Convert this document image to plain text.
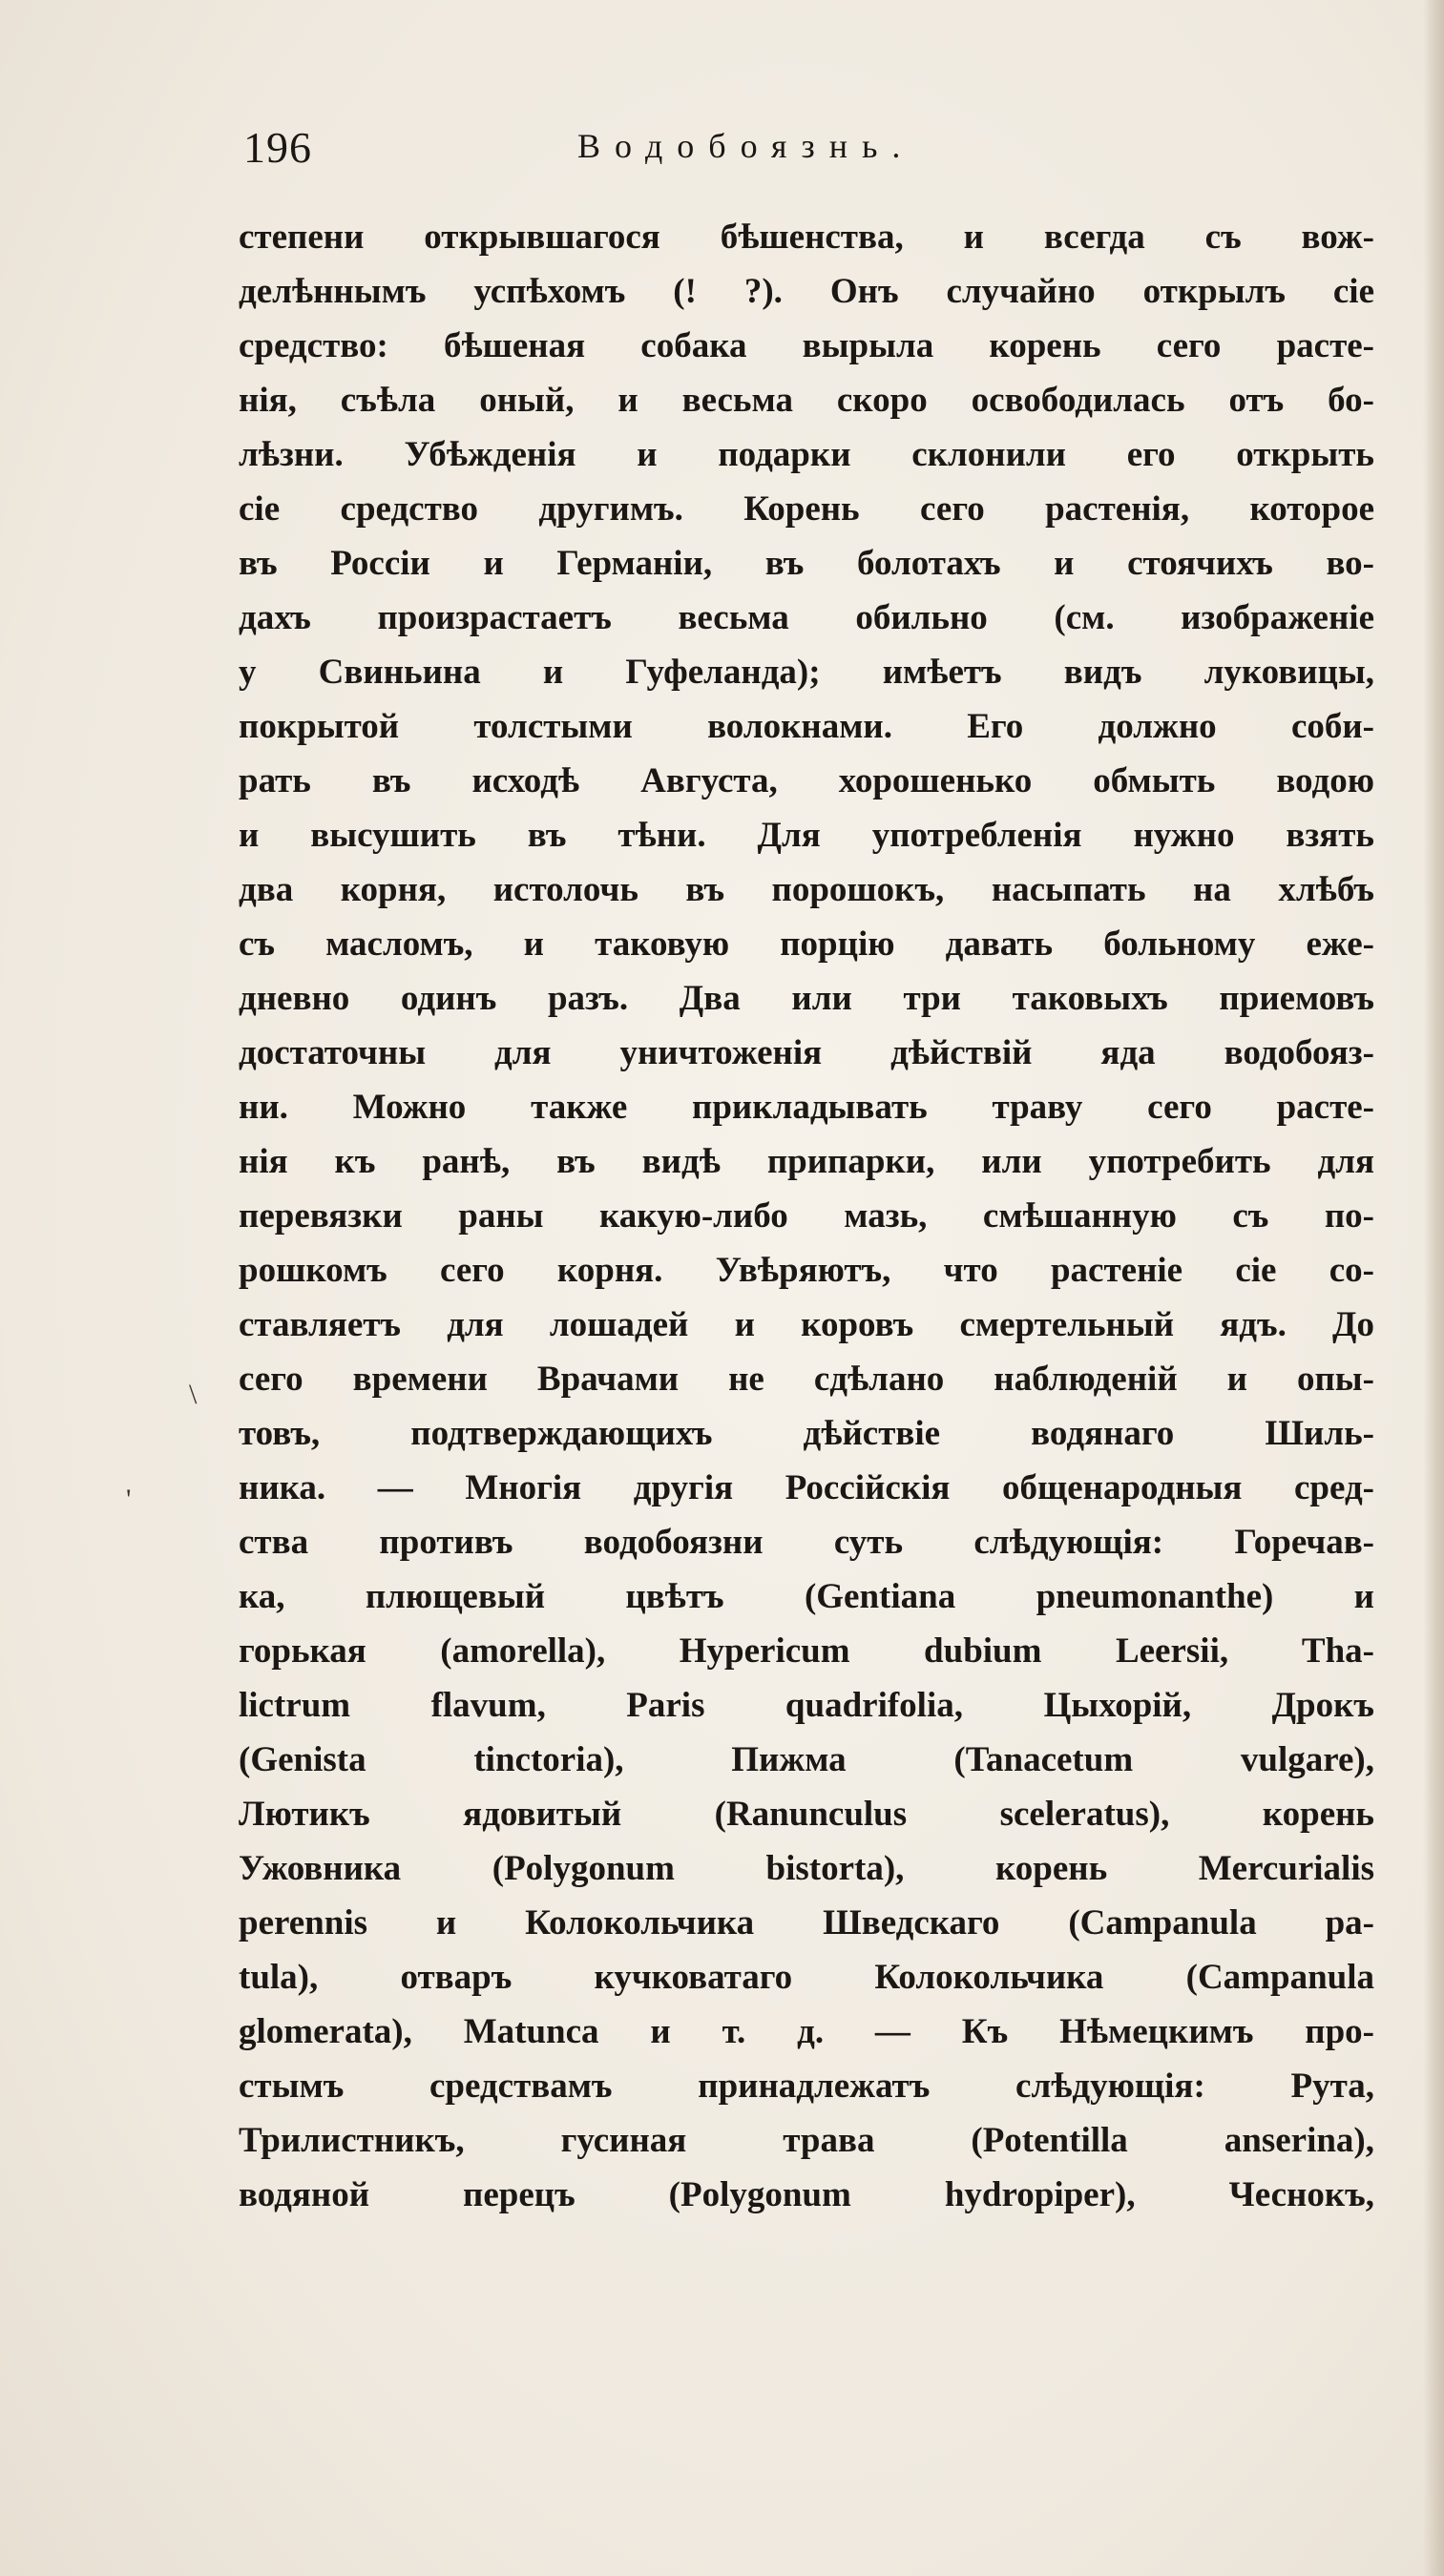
196	Водобоязнь.
степени открывшагося бѣшенства, и всегда съ вож-
делѣннымъ успѣхомъ (! ?). Онъ случайно открылъ сіе
средство: бѣшеная собака вырыла корень сего расте-
нія, съѣла оный, и весьма скоро освободилась отъ бо-
лѣзни. Убѣжденія и подарки склонили его открыть
сіе средство другимъ. Корень сего растенія, которое
въ Россіи и Германіи, въ болотахъ и стоячихъ во-
дахъ произрастаетъ весьма обильно (см. изображеніе
у Свиньина и Гуфеланда); имѣетъ видъ луковицы,
покрытой толстыми волокнами. Его должно соби-
рать въ исходѣ Августа, хорошенько обмыть водою
и высушить въ тѣни. Для употребленія нужно взять
два корня, истолочь въ порошокъ, насыпать на хлѣбъ
съ масломъ, и таковую порцію давать больному еже-
дневно одинъ разъ. Два или три таковыхъ приемовъ
достаточны для уничтоженія дѣйствій яда водобояз-
ни. Можно также прикладывать траву сего расте-
нія къ ранѣ, въ видѣ припарки, или употребить для
перевязки раны какую-либо мазь, смѣшанную съ по-
рошкомъ сего корня. Увѣряютъ, что растеніе сіе со-
ставляетъ для лошадей и коровъ смертельный ядъ. До
сего времени Врачами не сдѣлано наблюденій и опы-
товъ, подтверждающихъ дѣйствіе водянаго Шиль-
ника. — Многія другія Россійскія общенародныя сред-
ства противъ водобоязни суть слѣдующія: Горечав-
ка, плющевый цвѣтъ (Gentiana pneumonanthe) и
горькая (amorella), Hypericum dubium Leersii, Tha-
lictrum flavum, Paris quadrifolia, Цыхорій, Дрокъ
(Genista tinctoria), Пижма (Tanacetum vulgare),
Лютикъ ядовитый (Ranunculus sceleratus), корень
Ужовника (Polygonum bistorta), корень Mercurialis
perennis и Колокольчика Шведскаго (Campanula pa-
tula), отваръ кучковатаго Колокольчика (Campanula
glomerata), Matunca и т. д. — Къ Нѣмецкимъ про-
стымъ средствамъ принадлежатъ слѣдующія: Рута,
Трилистникъ, гусиная трава (Potentilla anserina),
водяной перецъ (Polygonum hydropiper), Чеснокъ,
\
'
